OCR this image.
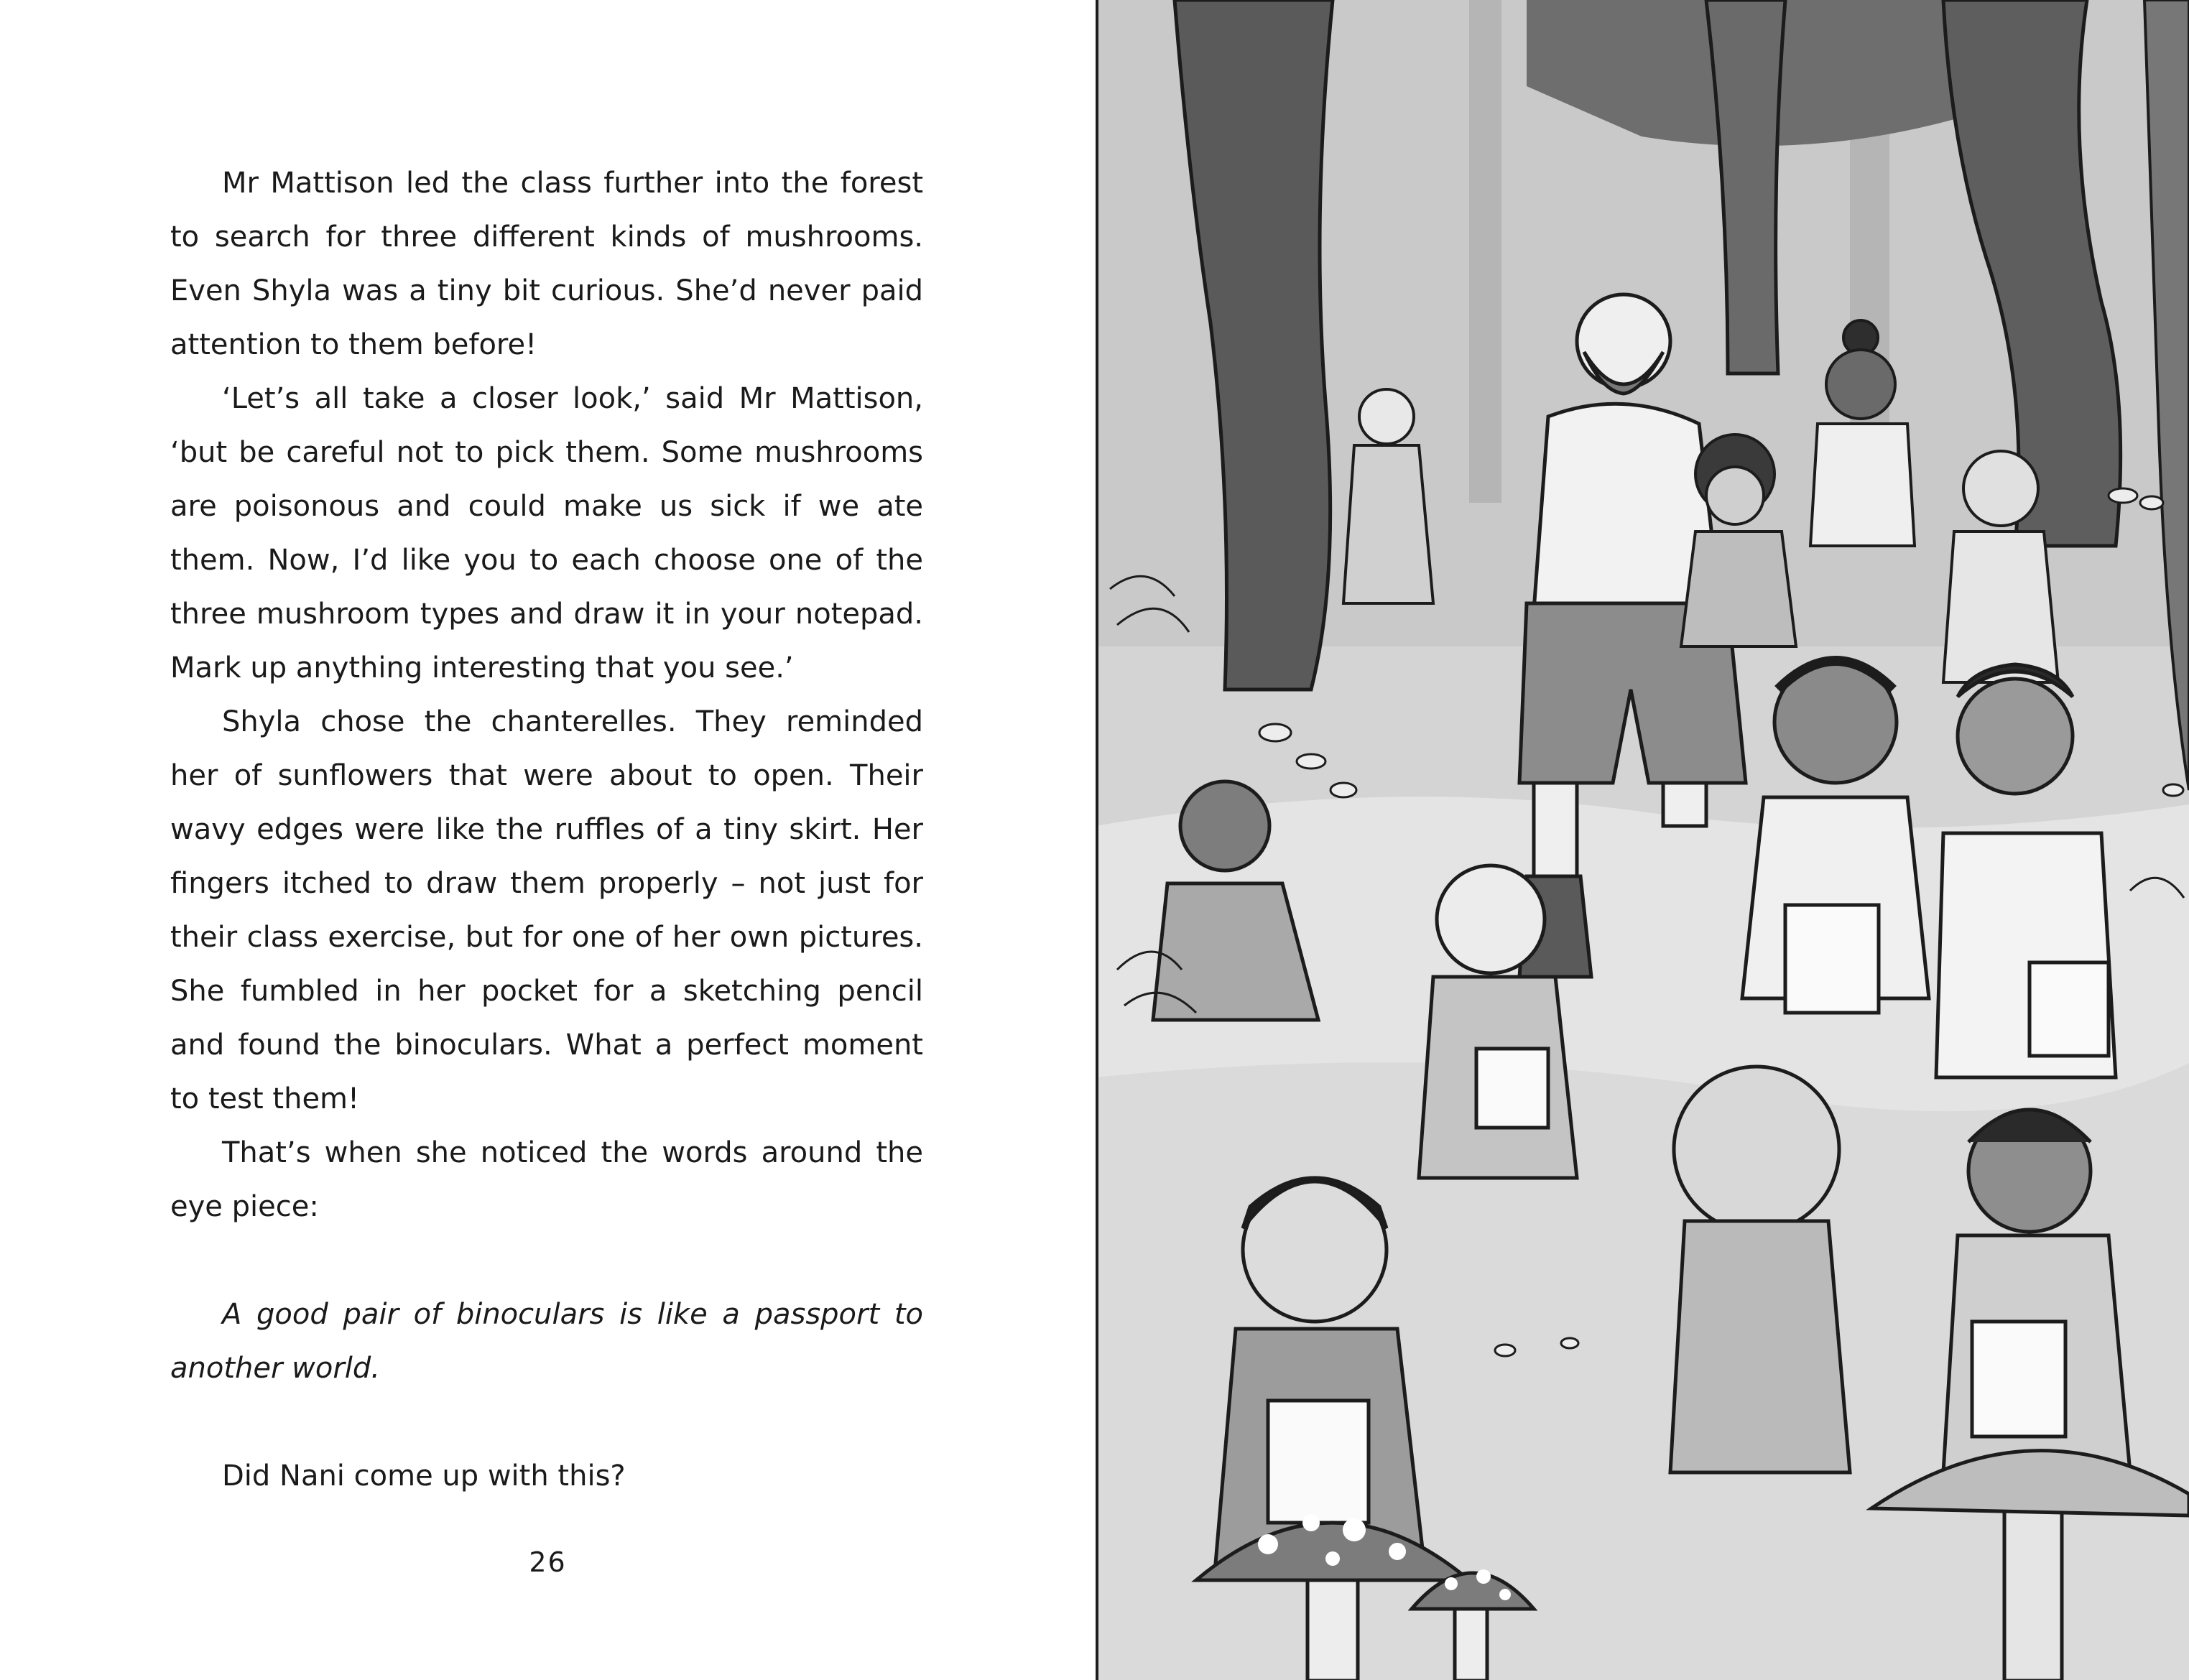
Mr Mattison led the class further into the forest to search for three different kinds of mushrooms. Even Shyla was a tiny bit curious. She’d never paid attention to them before!

‘Let’s all take a closer look,’ said Mr Mattison, ‘but be careful not to pick them. Some mushrooms are poisonous and could make us sick if we ate them. Now, I’d like you to each choose one of the three mushroom types and draw it in your notepad. Mark up anything interesting that you see.’

Shyla chose the chanterelles. They reminded her of sunflowers that were about to open. Their wavy edges were like the ruffles of a tiny skirt. Her fingers itched to draw them properly – not just for their class exercise, but for one of her own pictures. She fumbled in her pocket for a sketching pencil and found the binoculars. What a perfect moment to test them!

That’s when she noticed the words around the eye piece:

A good pair of binoculars is like a passport to another world.

Did Nani come up with this?

26
